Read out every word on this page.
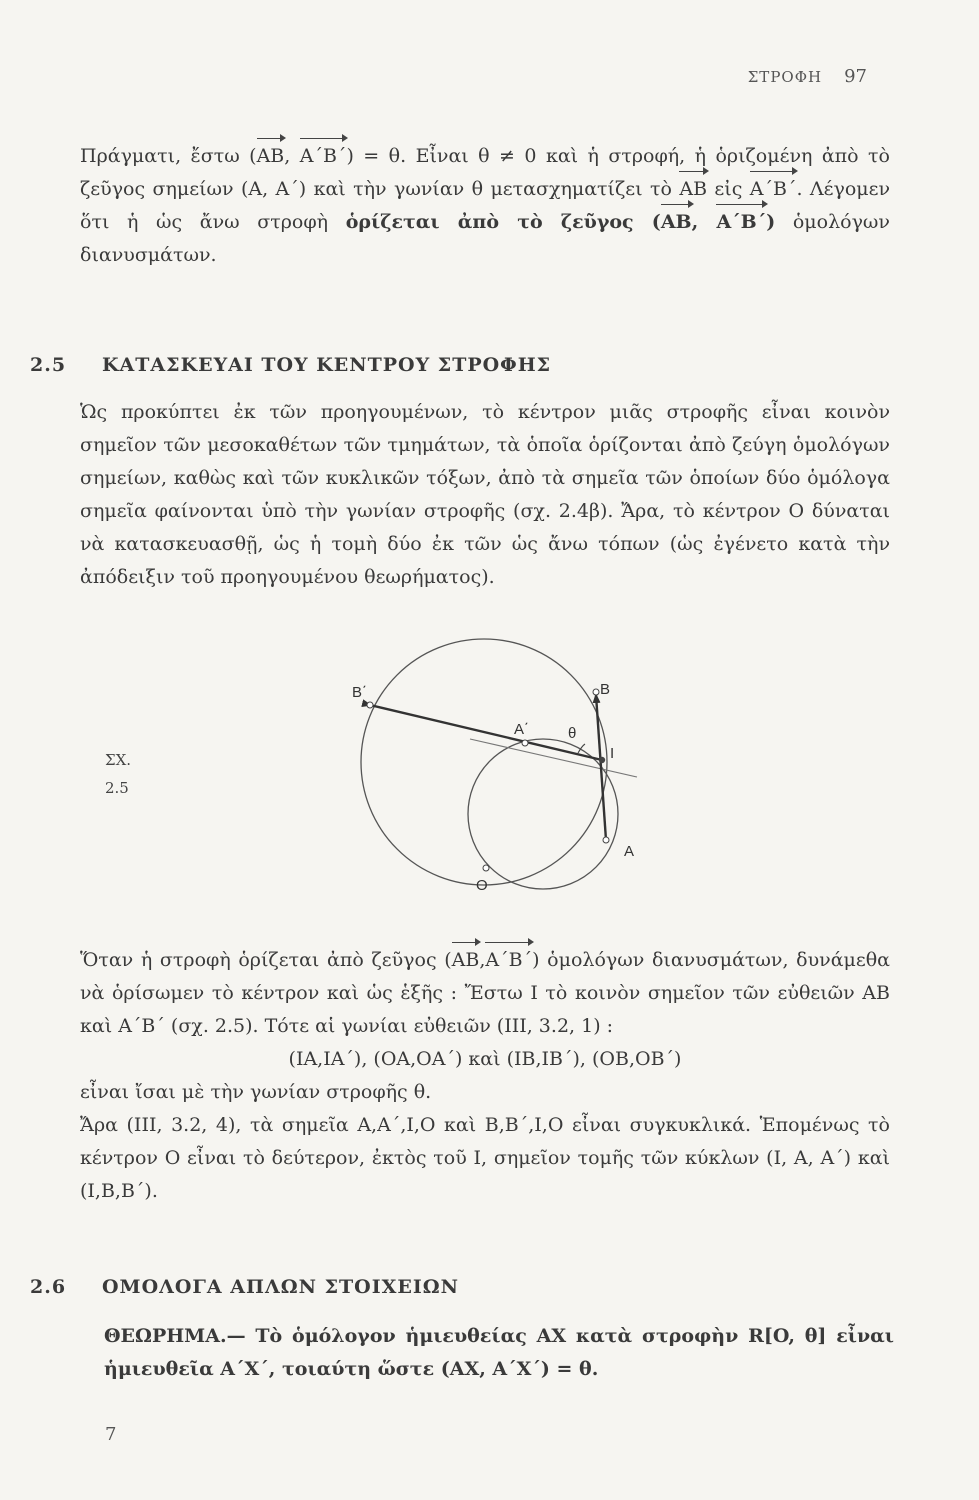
ΣΤΡΟΦΗ 97
Πράγματι, ἔστω (AB, A΄B΄) = θ. Εἶναι θ ≠ 0 καὶ ἡ στροφή, ἡ ὁριζομένη ἀπὸ τὸ ζεῦγος σημείων (A, A΄) καὶ τὴν γωνίαν θ μετασχηματίζει τὸ AB εἰς A΄B΄. Λέγομεν ὅτι ἡ ὡς ἄνω στροφὴ ὁρίζεται ἀπὸ τὸ ζεῦγος (AB, A΄B΄) ὁμολόγων διανυσμάτων.
2.5 ΚΑΤΑΣΚΕΥΑΙ ΤΟΥ ΚΕΝΤΡΟΥ ΣΤΡΟΦΗΣ
Ὡς προκύπτει ἐκ τῶν προηγουμένων, τὸ κέντρον μιᾶς στροφῆς εἶναι κοινὸν σημεῖον τῶν μεσοκαθέτων τῶν τμημάτων, τὰ ὁποῖα ὁρίζονται ἀπὸ ζεύγη ὁμολόγων σημείων, καθὼς καὶ τῶν κυκλικῶν τόξων, ἀπὸ τὰ σημεῖα τῶν ὁποίων δύο ὁμόλογα σημεῖα φαίνονται ὑπὸ τὴν γωνίαν στροφῆς (σχ. 2.4β). Ἄρα, τὸ κέντρον O δύναται νὰ κατασκευασθῇ, ὡς ἡ τομὴ δύο ἐκ τῶν ὡς ἄνω τόπων (ὡς ἐγένετο κατὰ τὴν ἀπόδειξιν τοῦ προηγουμένου θεωρήματος).
ΣΧ.
2.5
B΄	B
A΄	θ
I
A
O
Ὅταν ἡ στροφὴ ὁρίζεται ἀπὸ ζεῦγος (AB,A΄B΄) ὁμολόγων διανυσμάτων, δυνάμεθα νὰ ὁρίσωμεν τὸ κέντρον καὶ ὡς ἑξῆς : Ἔστω I τὸ κοινὸν σημεῖον τῶν εὐθειῶν AB καὶ A΄B΄ (σχ. 2.5). Τότε αἱ γωνίαι εὐθειῶν (III, 3.2, 1) :
(IA,IA΄), (OA,OA΄) καὶ (IB,IB΄), (OB,OB΄)
εἶναι ἴσαι μὲ τὴν γωνίαν στροφῆς θ.
Ἄρα (III, 3.2, 4), τὰ σημεῖα A,A΄,I,O καὶ B,B΄,I,O εἶναι συγκυκλικά. Ἑπομένως τὸ κέντρον O εἶναι τὸ δεύτερον, ἐκτὸς τοῦ I, σημεῖον τομῆς τῶν κύκλων (I, A, A΄) καὶ (I,B,B΄).
2.6 ΟΜΟΛΟΓΑ ΑΠΛΩΝ ΣΤΟΙΧΕΙΩΝ
ΘΕΩΡΗΜΑ.— Τὸ ὁμόλογον ἡμιευθείας AX κατὰ στροφὴν R[O, θ] εἶναι ἡμιευθεῖα A΄X΄, τοιαύτη ὥστε (AX, A΄X΄) = θ.
7
